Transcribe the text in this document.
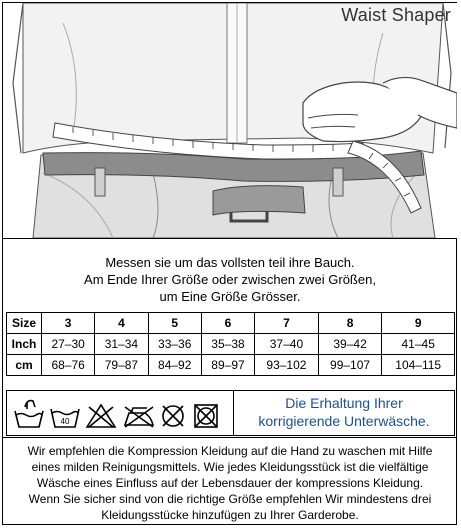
Waist Shaper
Messen sie um das vollsten teil ihre Bauch.
Am Ende Ihrer Größe oder zwischen zwei Größen,
um Eine Größe Grösser.
Size	3	4	5	6	7	8	9
Inch	27–30	31–34	33–36	35–38	37–40	39–42	41–45
cm	68–76	79–87	84–92	89–97	93–102	99–107	104–115
40
Die Erhaltung Ihrer
korrigierende Unterwäsche.
Wir empfehlen die Kompression Kleidung auf die Hand zu waschen mit Hilfe
eines milden Reinigungsmittels. Wie jedes Kleidungsstück ist die vielfältige
Wäsche eines Einfluss auf der Lebensdauer der kompressions Kleidung.
Wenn Sie sicher sind von die richtige Größe empfehlen Wir mindestens drei
Kleidungsstücke hinzufügen zu Ihrer Garderobe.
